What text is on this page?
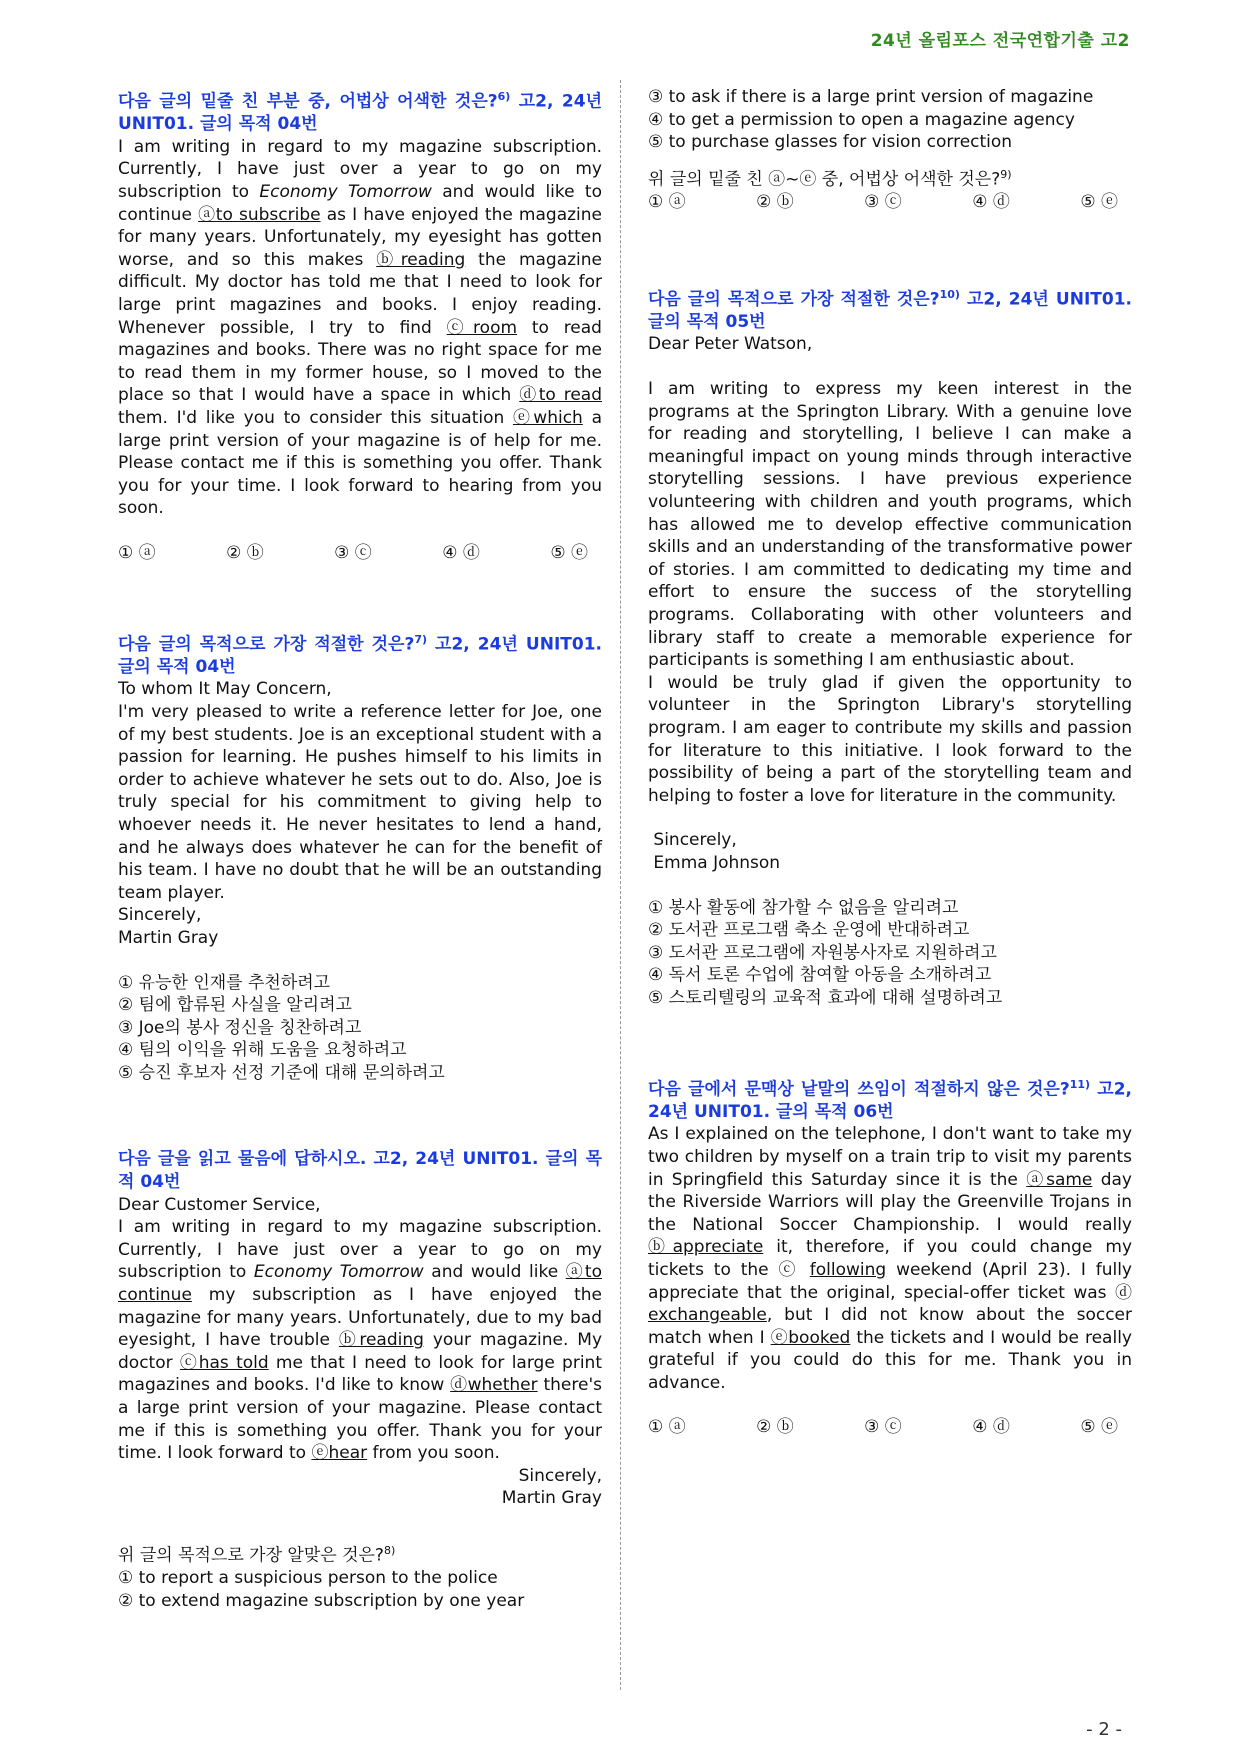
24년 올림포스 전국연합기출 고2
다음 글의 밑줄 친 부분 중, 어법상 어색한 것은?$^{6)}$ 고2, 24년 UNIT01. 글의 목적 04번
I am writing in regard to my magazine subscription. Currently, I have just over a year to go on my subscription to Economy Tomorrow and would like to continue ⓐto subscribe as I have enjoyed the magazine for many years. Unfortunately, my eyesight has gotten worse, and so this makes ⓑreading the magazine difficult. My doctor has told me that I need to look for large print magazines and books. I enjoy reading. Whenever possible, I try to find ⓒroom to read magazines and books. There was no right space for me to read them in my former house, so I moved to the place so that I would have a space in which ⓓto read them. I'd like you to consider this situation ⓔwhich a large print version of your magazine is of help for me. Please contact me if this is something you offer. Thank you for your time. I look forward to hearing from you soon.
① ⓐ	② ⓑ	③ ⓒ	④ ⓓ	⑤ ⓔ
다음 글의 목적으로 가장 적절한 것은?$^{7)}$ 고2, 24년 UNIT01. 글의 목적 04번
To whom It May Concern,
I'm very pleased to write a reference letter for Joe, one of my best students. Joe is an exceptional student with a passion for learning. He pushes himself to his limits in order to achieve whatever he sets out to do. Also, Joe is truly special for his commitment to giving help to whoever needs it. He never hesitates to lend a hand, and he always does whatever he can for the benefit of his team. I have no doubt that he will be an outstanding team player.
Sincerely,
Martin Gray
① 유능한 인재를 추천하려고
② 팀에 합류된 사실을 알리려고
③ Joe의 봉사 정신을 칭찬하려고
④ 팀의 이익을 위해 도움을 요청하려고
⑤ 승진 후보자 선정 기준에 대해 문의하려고
다음 글을 읽고 물음에 답하시오. 고2, 24년 UNIT01. 글의 목적 04번
Dear Customer Service,
I am writing in regard to my magazine subscription. Currently, I have just over a year to go on my subscription to Economy Tomorrow and would like ⓐto continue my subscription as I have enjoyed the magazine for many years. Unfortunately, due to my bad eyesight, I have trouble ⓑreading your magazine. My doctor ⓒhas told me that I need to look for large print magazines and books. I'd like to know ⓓwhether there's a large print version of your magazine. Please contact me if this is something you offer. Thank you for your time. I look forward to ⓔhear from you soon.
Sincerely,
Martin Gray
위 글의 목적으로 가장 알맞은 것은?$^{8)}$
① to report a suspicious person to the police
② to extend magazine subscription by one year
③ to ask if there is a large print version of magazine
④ to get a permission to open a magazine agency
⑤ to purchase glasses for vision correction
위 글의 밑줄 친 ⓐ~ⓔ 중, 어법상 어색한 것은?$^{9)}$
① ⓐ	② ⓑ	③ ⓒ	④ ⓓ	⑤ ⓔ
다음 글의 목적으로 가장 적절한 것은?$^{10)}$ 고2, 24년 UNIT01. 글의 목적 05번
Dear Peter Watson,
I am writing to express my keen interest in the programs at the Springton Library. With a genuine love for reading and storytelling, I believe I can make a meaningful impact on young minds through interactive storytelling sessions. I have previous experience volunteering with children and youth programs, which has allowed me to develop effective communication skills and an understanding of the transformative power of stories. I am committed to dedicating my time and effort to ensure the success of the storytelling programs. Collaborating with other volunteers and library staff to create a memorable experience for participants is something I am enthusiastic about.
I would be truly glad if given the opportunity to volunteer in the Springton Library's storytelling program. I am eager to contribute my skills and passion for literature to this initiative. I look forward to the possibility of being a part of the storytelling team and helping to foster a love for literature in the community.
Sincerely,
Emma Johnson
① 봉사 활동에 참가할 수 없음을 알리려고
② 도서관 프로그램 축소 운영에 반대하려고
③ 도서관 프로그램에 자원봉사자로 지원하려고
④ 독서 토론 수업에 참여할 아동을 소개하려고
⑤ 스토리텔링의 교육적 효과에 대해 설명하려고
다음 글에서 문맥상 낱말의 쓰임이 적절하지 않은 것은?$^{11)}$ 고2, 24년 UNIT01. 글의 목적 06번
As I explained on the telephone, I don't want to take my two children by myself on a train trip to visit my parents in Springfield this Saturday since it is the ⓐsame day the Riverside Warriors will play the Greenville Trojans in the National Soccer Championship. I would really ⓑappreciate it, therefore, if you could change my tickets to the ⓒ following weekend (April 23). I fully appreciate that the original, special-offer ticket was ⓓ exchangeable, but I did not know about the soccer match when I ⓔbooked the tickets and I would be really grateful if you could do this for me. Thank you in advance.
① ⓐ	② ⓑ	③ ⓒ	④ ⓓ	⑤ ⓔ
- 2 -
